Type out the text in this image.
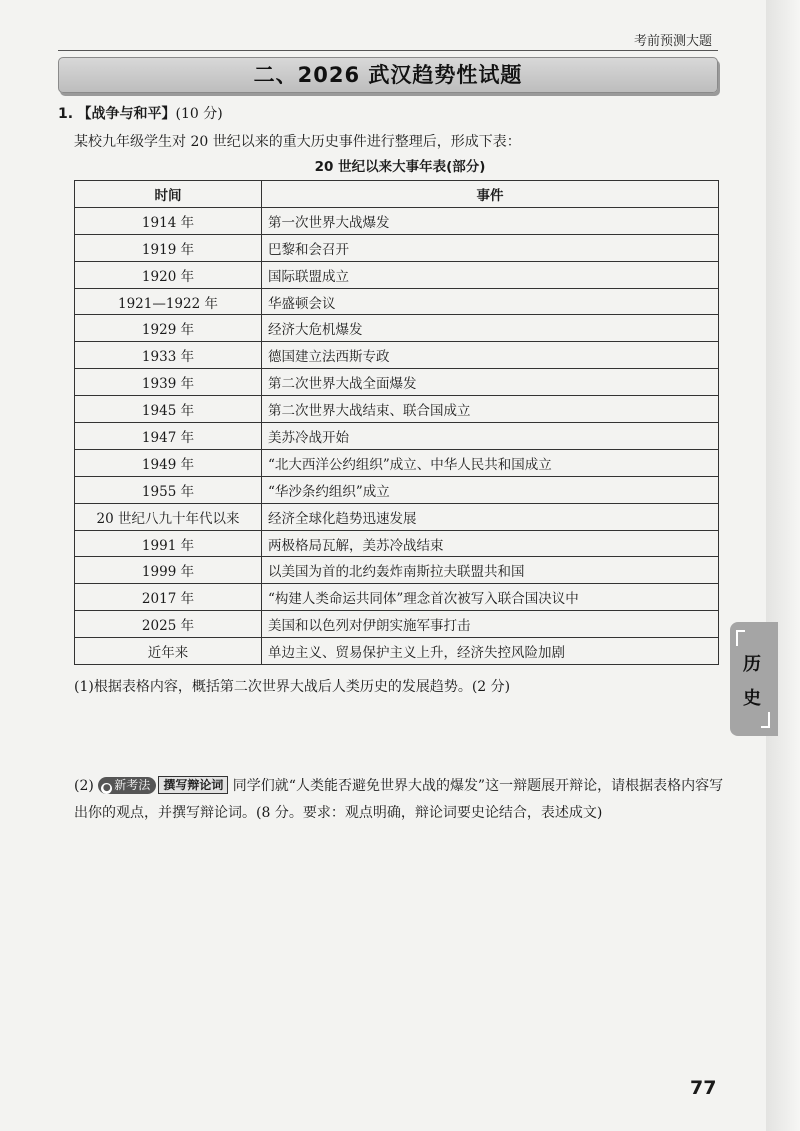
考前预测大题
二、2026 武汉趋势性试题
1. 【战争与和平】(10 分)
某校九年级学生对 20 世纪以来的重大历史事件进行整理后，形成下表：
20 世纪以来大事年表(部分)
时间	事件
1914 年	第一次世界大战爆发
1919 年	巴黎和会召开
1920 年	国际联盟成立
1921—1922 年	华盛顿会议
1929 年	经济大危机爆发
1933 年	德国建立法西斯专政
1939 年	第二次世界大战全面爆发
1945 年	第二次世界大战结束、联合国成立
1947 年	美苏冷战开始
1949 年	“北大西洋公约组织”成立、中华人民共和国成立
1955 年	“华沙条约组织”成立
20 世纪八九十年代以来	经济全球化趋势迅速发展
1991 年	两极格局瓦解，美苏冷战结束
1999 年	以美国为首的北约轰炸南斯拉夫联盟共和国
2017 年	“构建人类命运共同体”理念首次被写入联合国决议中
2025 年	美国和以色列对伊朗实施军事打击
近年来	单边主义、贸易保护主义上升，经济失控风险加剧
(1)根据表格内容，概括第二次世界大战后人类历史的发展趋势。(2 分)
(2) ● 新考法 撰写辩论词 同学们就“人类能否避免世界大战的爆发”这一辩题展开辩论，请根据表格内容写出你的观点，并撰写辩论词。(8 分。要求：观点明确，辩论词要史论结合，表述成文)
历
史
77
